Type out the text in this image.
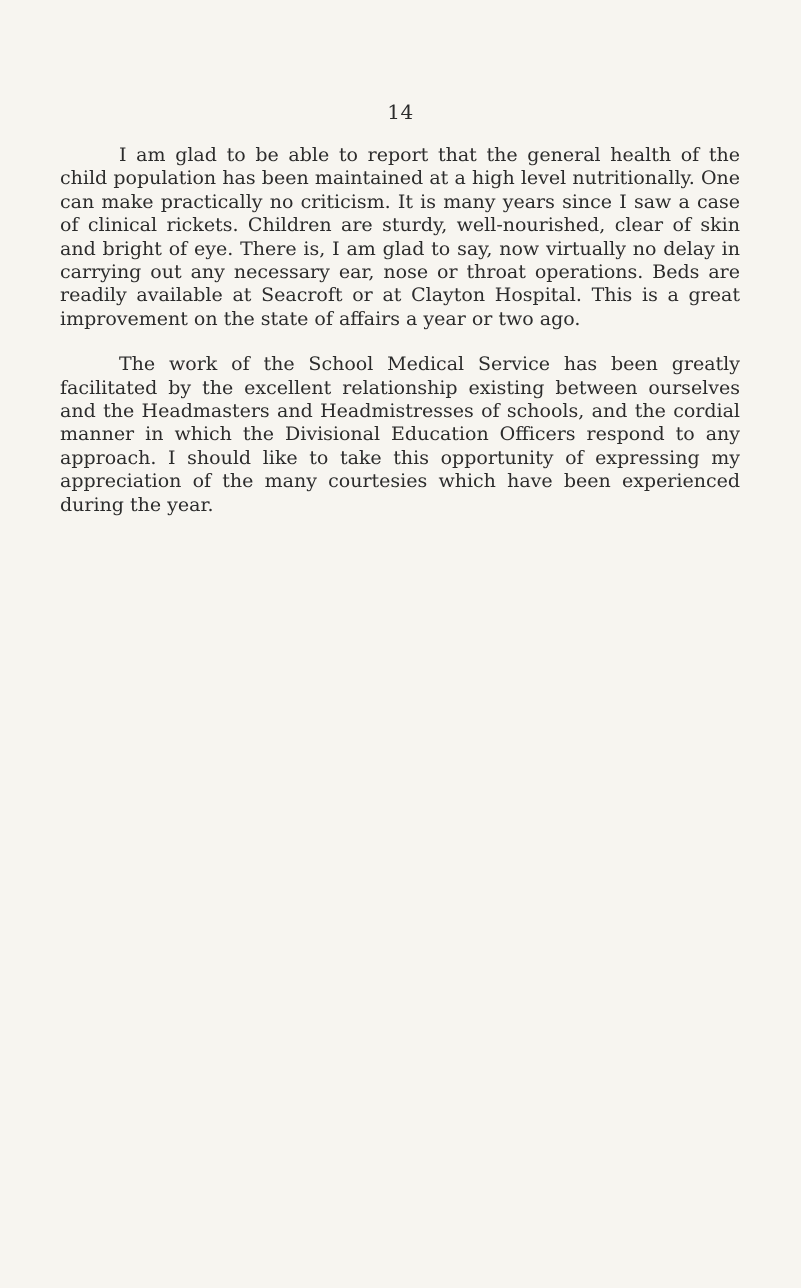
14

I am glad to be able to report that the general health of the child population has been maintained at a high level nutritionally. One can make practically no criticism. It is many years since I saw a case of clinical rickets. Children are sturdy, well-nourished, clear of skin and bright of eye. There is, I am glad to say, now virtually no delay in carrying out any necessary ear, nose or throat operations. Beds are readily available at Seacroft or at Clayton Hospital. This is a great improvement on the state of affairs a year or two ago.

The work of the School Medical Service has been greatly facilitated by the excellent relationship existing between ourselves and the Headmasters and Headmistresses of schools, and the cordial manner in which the Divisional Education Officers respond to any approach. I should like to take this opportunity of expressing my appreciation of the many courtesies which have been experienced during the year.
